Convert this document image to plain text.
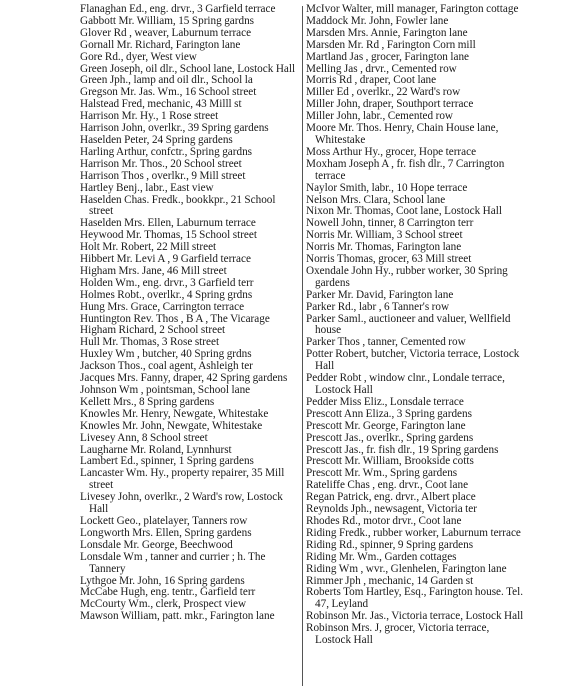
Flanaghan Ed., eng. drvr., 3 Garfield terrace
Gabbott Mr. William, 15 Spring gardns
Glover Rd , weaver, Laburnum terrace
Gornall Mr. Richard, Farington lane
Gore Rd., dyer, West view
Green Joseph, oil dlr., School lane, Lostock Hall
Green Jph., lamp and oil dlr., School la
Gregson Mr. Jas. Wm., 16 School street
Halstead Fred, mechanic, 43 Milll st
Harrison Mr. Hy., 1 Rose street
Harrison John, overlkr., 39 Spring gardens
Haselden Peter, 24 Spring gardens
Harling Arthur, confctr., Spring gardns
Harrison Mr. Thos., 20 School street
Harrison Thos , overlkr., 9 Mill street
Hartley Benj., labr., East view
Haselden Chas. Fredk., bookkpr., 21 School street
Haselden Mrs. Ellen, Laburnum terrace
Heywood Mr. Thomas, 15 School street
Holt Mr. Robert, 22 Mill street
Hibbert Mr. Levi A , 9 Garfield terrace
Higham Mrs. Jane, 46 Mill street
Holden Wm., eng. drvr., 3 Garfield terr
Holmes Robt., overlkr., 4 Spring grdns
Hung Mrs. Grace, Carrington terrace
Huntington Rev. Thos , B A , The Vicarage
Higham Richard, 2 School street
Hull Mr. Thomas, 3 Rose street
Huxley Wm , butcher, 40 Spring grdns
Jackson Thos., coal agent, Ashleigh ter
Jacques Mrs. Fanny, draper, 42 Spring gardens
Johnson Wm , pointsman, School lane
Kellett Mrs., 8 Spring gardens
Knowles Mr. Henry, Newgate, Whitestake
Knowles Mr. John, Newgate, Whitestake
Livesey Ann, 8 School street
Laugharne Mr. Roland, Lynnhurst
Lambert Ed., spinner, 1 Spring gardens
Lancaster Wm. Hy., property repairer, 35 Mill street
Livesey John, overlkr., 2 Ward's row, Lostock Hall
Lockett Geo., platelayer, Tanners row
Longworth Mrs. Ellen, Spring gardens
Lonsdale Mr. George, Beechwood
Lonsdale Wm , tanner and currier ; h. The Tannery
Lythgoe Mr. John, 16 Spring gardens
McCabe Hugh, eng. tentr., Garfield terr
McCourty Wm., clerk, Prospect view
Mawson William, patt. mkr., Farington lane
McIvor Walter, mill manager, Farington cottage
Maddock Mr. John, Fowler lane
Marsden Mrs. Annie, Farington lane
Marsden Mr. Rd , Farington Corn mill
Martland Jas , grocer, Farington lane
Melling Jas , drvr., Cemented row
Morris Rd , draper, Coot lane
Miller Ed , overlkr., 22 Ward's row
Miller John, draper, Southport terrace
Miller John, labr., Cemented row
Moore Mr. Thos. Henry, Chain House lane, Whitestake
Moss Arthur Hy., grocer, Hope terrace
Moxham Joseph A , fr. fish dlr., 7 Carrington terrace
Naylor Smith, labr., 10 Hope terrace
Nelson Mrs. Clara, School lane
Nixon Mr. Thomas, Coot lane, Lostock Hall
Nowell John, tinner, 8 Carrington terr
Norris Mr. William, 3 School street
Norris Mr. Thomas, Farington lane
Norris Thomas, grocer, 63 Mill street
Oxendale John Hy., rubber worker, 30 Spring gardens
Parker Mr. David, Farington lane
Parker Rd., labr , 6 Tanner's row
Parker Saml., auctioneer and valuer, Wellfield house
Parker Thos , tanner, Cemented row
Potter Robert, butcher, Victoria terrace, Lostock Hall
Pedder Robt , window clnr., Londale terrace, Lostock Hall
Pedder Miss Eliz., Lonsdale terrace
Prescott Ann Eliza., 3 Spring gardens
Prescott Mr. George, Farington lane
Prescott Jas., overlkr., Spring gardens
Prescott Jas., fr. fish dlr., 19 Spring gardens
Prescott Mr. William, Brookside cotts
Prescott Mr. Wm., Spring gardens
Rateliffe Chas , eng. drvr., Coot lane
Regan Patrick, eng. drvr., Albert place
Reynolds Jph., newsagent, Victoria ter
Rhodes Rd., motor drvr., Coot lane
Riding Fredk., rubber worker, Laburnum terrace
Riding Rd., spinner, 9 Spring gardens
Riding Mr. Wm., Garden cottages
Riding Wm , wvr., Glenhelen, Farington lane
Rimmer Jph , mechanic, 14 Garden st
Roberts Tom Hartley, Esq., Farington house. Tel. 47, Leyland
Robinson Mr. Jas., Victoria terrace, Lostock Hall
Robinson Mrs. J, grocer, Victoria terrace, Lostock Hall
